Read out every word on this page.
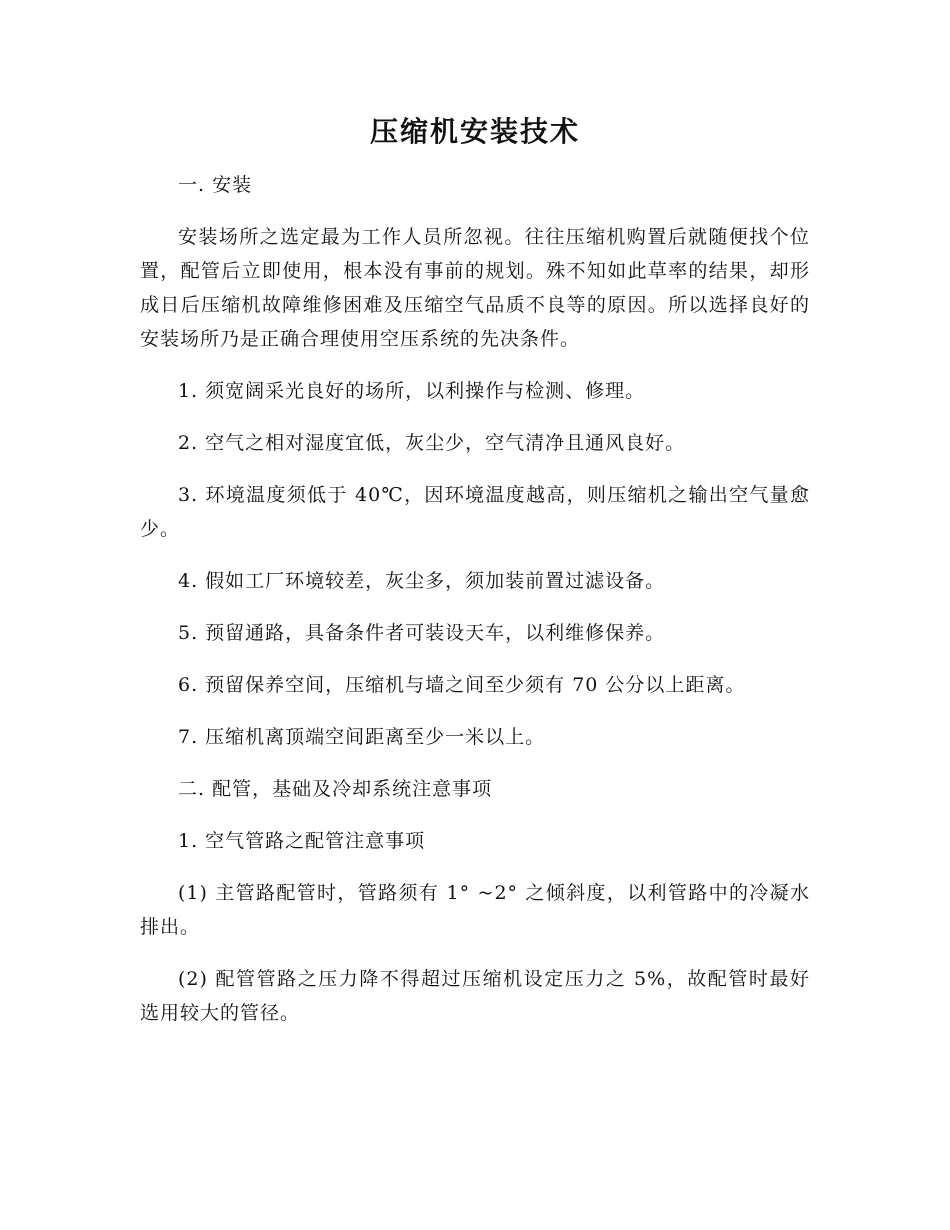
压缩机安装技术

一. 安装

安装场所之选定最为工作人员所忽视。往往压缩机购置后就随便找个位置，配管后立即使用，根本没有事前的规划。殊不知如此草率的结果，却形成日后压缩机故障维修困难及压缩空气品质不良等的原因。所以选择良好的安装场所乃是正确合理使用空压系统的先决条件。

1. 须宽阔采光良好的场所，以利操作与检测、修理。

2. 空气之相对湿度宜低，灰尘少，空气清净且通风良好。

3. 环境温度须低于 40℃，因环境温度越高，则压缩机之输出空气量愈少。

4. 假如工厂环境较差，灰尘多，须加装前置过滤设备。

5. 预留通路，具备条件者可装设天车，以利维修保养。

6. 预留保养空间，压缩机与墙之间至少须有 70 公分以上距离。

7. 压缩机离顶端空间距离至少一米以上。

二. 配管，基础及冷却系统注意事项

1. 空气管路之配管注意事项

(1) 主管路配管时，管路须有 1° ~2° 之倾斜度，以利管路中的冷凝水排出。

(2) 配管管路之压力降不得超过压缩机设定压力之 5%，故配管时最好选用较大的管径。
